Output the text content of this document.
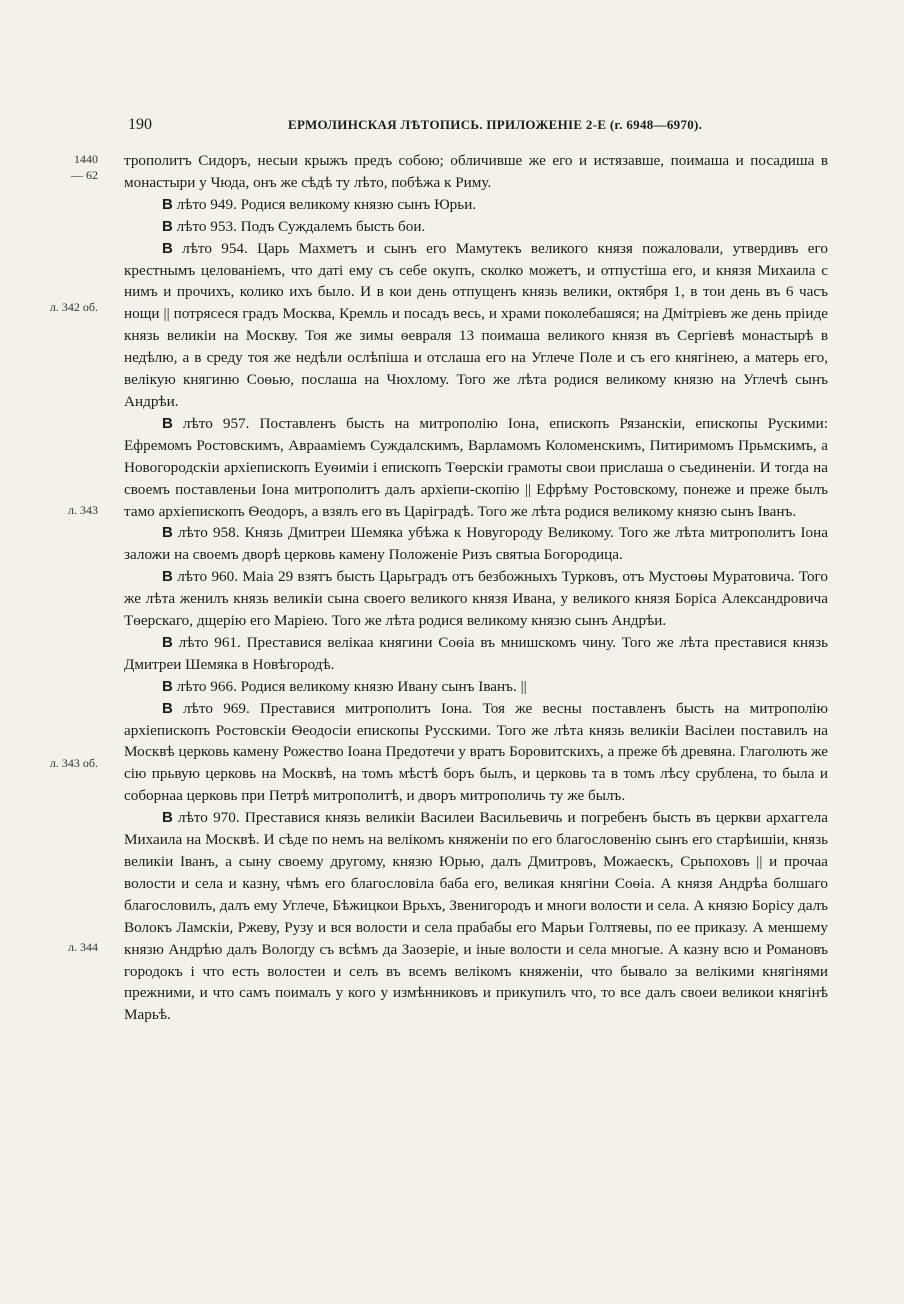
190	ЕРМОЛИНСКАЯ ЛѢТОПИСЬ. ПРИЛОЖЕНІЕ 2-Е (г. 6948—6970).
1440
— 62
л. 342 об.
л. 343
л. 343 об.
л. 344

трополитъ Сидоръ, несыи крыжъ предъ собою; обличивше же его и истязавше, поимаша и посадиша в монастыри у Чюда, онъ же сѣдѣ ту лѣто, побѣжа к Риму.

В лѣто 949. Родися великому князю сынъ Юрьи.

В лѣто 953. Подъ Суждалемъ бысть бои.

В лѣто 954. Царь Махметъ и сынъ его Мамутекъ великого князя пожаловали, утвердивъ его крестнымъ целованіемъ, что даті ему съ себе окупъ, сколко можетъ, и отпустіша его, и князя Михаила с нимъ и прочихъ, колико ихъ было. И в кои день отпущенъ князь велики, октября 1, в тои день въ 6 часъ нощи || потрясеся градъ Москва, Кремль и посадъ весь, и храми поколебашяся; на Дмітріевъ же день пріиде князь великіи на Москву. Тоя же зимы ѳевраля 13 поимаша великого князя въ Сергіевѣ монастырѣ в недѣлю, а в среду тоя же недѣли ослѣпіша и отслаша его на Углече Поле и съ его княгінею, а матерь его, велікую княгиню Соѳью, послаша на Чюхлому. Того же лѣта родися великому князю на Углечѣ сынъ Андрѣи.

В лѣто 957. Поставленъ бысть на митрополію Іона, епископъ Рязанскіи, епископы Рускими: Ефремомъ Ростовскимъ, Авраамiемъ Суждалскимъ, Варламомъ Коломенскимъ, Питиримомъ Прьмскимъ, а Новогородскіи архіепископъ Еуѳиміи і епископъ Тѳерскіи грамоты свои прислаша о съединеніи. И тогда на своемъ поставленьи Іона митрополитъ далъ архіепи-скопію || Ефрѣму Ростовскому, понеже и преже былъ тамо архіепископъ Ѳеодоръ, а взялъ его въ Царіградѣ. Того же лѣта родися великому князю сынъ Іванъ.

В лѣто 958. Князь Дмитреи Шемяка убѣжа к Новугороду Великому. Того же лѣта митрополитъ Іона заложи на своемъ дворѣ церковь камену Положеніе Ризъ святыа Богородица.

В лѣто 960. Маіа 29 взятъ бысть Царьградъ отъ безбожныхъ Турковъ, отъ Мустоѳы Муратовича. Того же лѣта женилъ князь великіи сына своего великого князя Ивана, у великого князя Борiса Александровича Тѳерскаго, дщерію его Маріею. Того же лѣта родися великому князю сынъ Андрѣи.

В лѣто 961. Преставися велікаа княгини Соѳіа въ мнишскомъ чину. Того же лѣта преставися князь Дмитреи Шемяка в Новѣгородѣ.

В лѣто 966. Родися великому князю Ивану сынъ Іванъ. ||

В лѣто 969. Преставися митрополитъ Іона. Тоя же весны поставленъ бысть на митрополію архіепископъ Ростовскіи Ѳеодосіи епископы Русскими. Того же лѣта князь великіи Васілеи поставилъ на Москвѣ церковь камену Рожество Іоана Предотечи у вратъ Боровитскихъ, а преже бѣ древяна. Глаголють же сію прьвую церковь на Москвѣ, на томъ мѣстѣ боръ былъ, и церковь та в томъ лѣсу срублена, то была и соборнаа церковь при Петрѣ митрополитѣ, и дворъ митрополичь ту же былъ.

В лѣто 970. Преставися князь великіи Василеи Васильевичь и погребенъ бысть въ церкви архаггела Михаила на Москвѣ. И сѣде по немъ на велікомъ княженіи по его благословенію сынъ его старѣишіи, князь великіи Іванъ, а сыну своему другому, князю Юрью, далъ Дмитровъ, Можаескъ, Срьпоховъ || и прочаа волости и села и казну, чѣмъ его благословіла баба его, великая княгіни Соѳіа. А князя Андрѣа болшаго благословилъ, далъ ему Углече, Бѣжицкои Врьхъ, Звенигородъ и многи волости и села. А князю Борісу далъ Волокъ Ламскіи, Ржеву, Рузу и вся волости и села прабабы его Марьи Голтяевы, по ее приказу. А меншему князю Андрѣю далъ Вологду съ всѣмъ да Заозеріе, и іные волости и села многые. А казну всю и Романовъ городокъ і что есть волостеи и селъ въ всемъ велікомъ княженіи, что бывало за велікими княгінями прежними, и что самъ поималъ у кого у измѣнниковъ и прикупилъ что, то все далъ своеи великои княгінѣ Марьѣ.
